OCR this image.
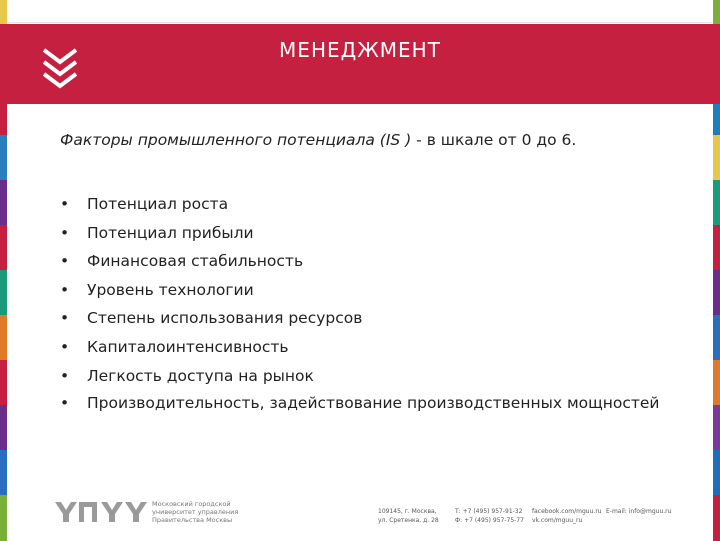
МЕНЕДЖМЕНТ
Факторы промышленного потенциала (IS ) - в шкале от 0 до 6.
• Потенциал роста
• Потенциал прибыли
• Финансовая стабильность
• Уровень технологии
• Степень использования ресурсов
• Капиталоинтенсивность
• Легкость доступа на рынок
• Производительность, задействование производственных мощностей
Московский городской
университет управления
Правительства Москвы
109145, г. Москва,
ул. Сретенка, д. 28
Т: +7 (495) 957-91-32
Ф: +7 (495) 957-75-77
facebook.com/mguu.ru
vk.com/mguu_ru
E-mail: info@mguu.ru
